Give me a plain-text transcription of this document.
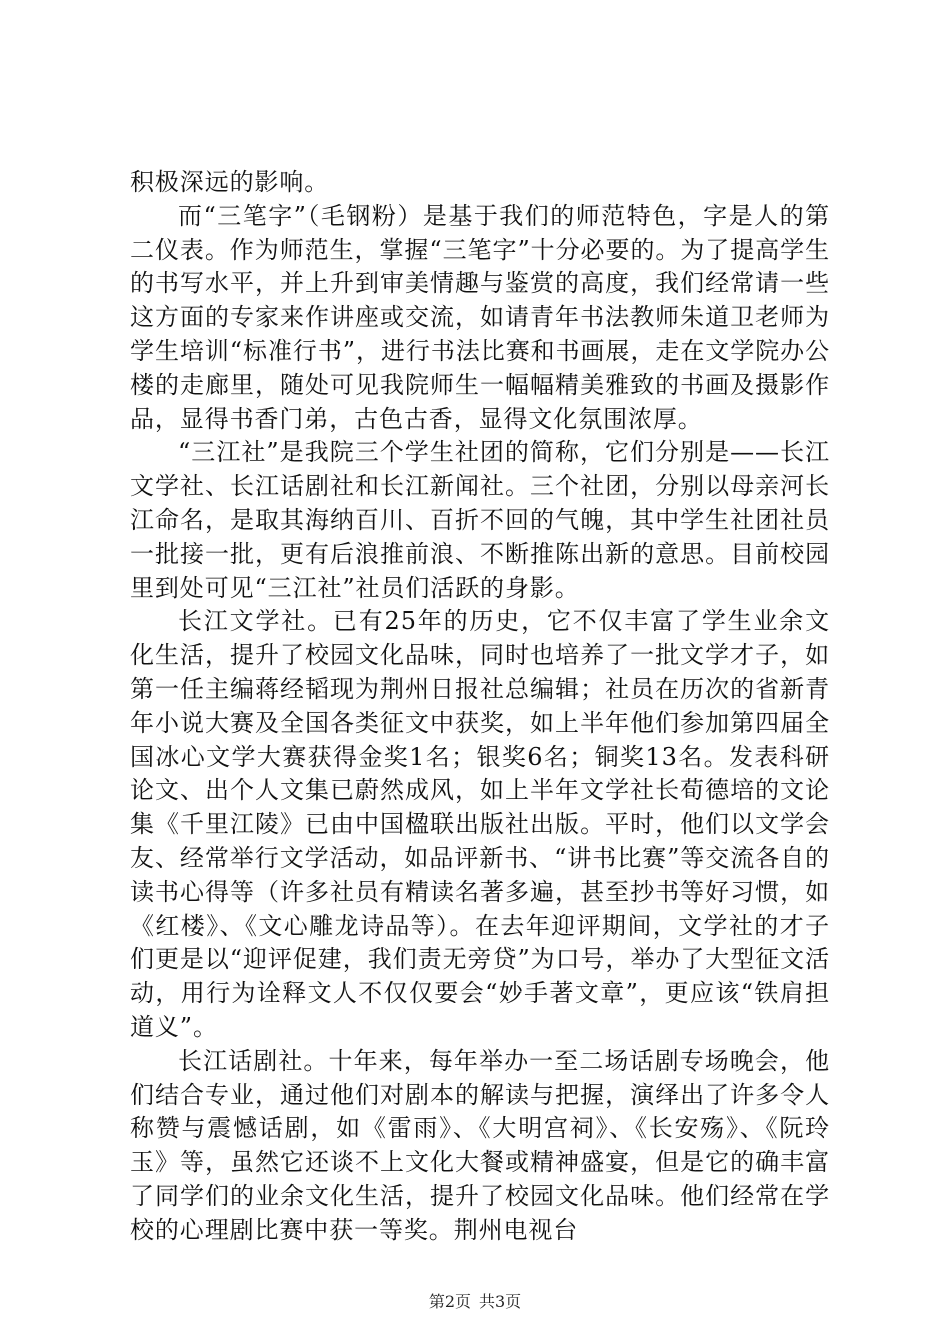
积极深远的影响。

而“三笔字”（毛钢粉）是基于我们的师范特色，字是人的第二仪表。作为师范生，掌握“三笔字”十分必要的。为了提高学生的书写水平，并上升到审美情趣与鉴赏的高度，我们经常请一些这方面的专家来作讲座或交流，如请青年书法教师朱道卫老师为学生培训“标准行书”，进行书法比赛和书画展，走在文学院办公楼的走廊里，随处可见我院师生一幅幅精美雅致的书画及摄影作品，显得书香门弟，古色古香，显得文化氛围浓厚。

“三江社”是我院三个学生社团的简称，它们分别是——长江文学社、长江话剧社和长江新闻社。三个社团，分别以母亲河长江命名，是取其海纳百川、百折不回的气魄，其中学生社团社员一批接一批，更有后浪推前浪、不断推陈出新的意思。目前校园里到处可见“三江社”社员们活跃的身影。

长江文学社。已有25年的历史，它不仅丰富了学生业余文化生活，提升了校园文化品味，同时也培养了一批文学才子，如第一任主编蒋经韬现为荆州日报社总编辑；社员在历次的省新青年小说大赛及全国各类征文中获奖，如上半年他们参加第四届全国冰心文学大赛获得金奖1名；银奖6名；铜奖13名。发表科研论文、出个人文集已蔚然成风，如上半年文学社长荀德培的文论集《千里江陵》已由中国楹联出版社出版。平时，他们以文学会友、经常举行文学活动，如品评新书、“讲书比赛”等交流各自的读书心得等（许多社员有精读名著多遍，甚至抄书等好习惯，如《红楼》、《文心雕龙诗品等）。在去年迎评期间，文学社的才子们更是以“迎评促建，我们责无旁贷”为口号，举办了大型征文活动，用行为诠释文人不仅仅要会“妙手著文章”，更应该“铁肩担道义”。

长江话剧社。十年来，每年举办一至二场话剧专场晚会，他们结合专业，通过他们对剧本的解读与把握，演绎出了许多令人称赞与震憾话剧，如《雷雨》、《大明宫祠》、《长安殇》、《阮玲玉》等，虽然它还谈不上文化大餐或精神盛宴，但是它的确丰富了同学们的业余文化生活，提升了校园文化品味。他们经常在学校的心理剧比赛中获一等奖。荆州电视台

第2页 共3页
